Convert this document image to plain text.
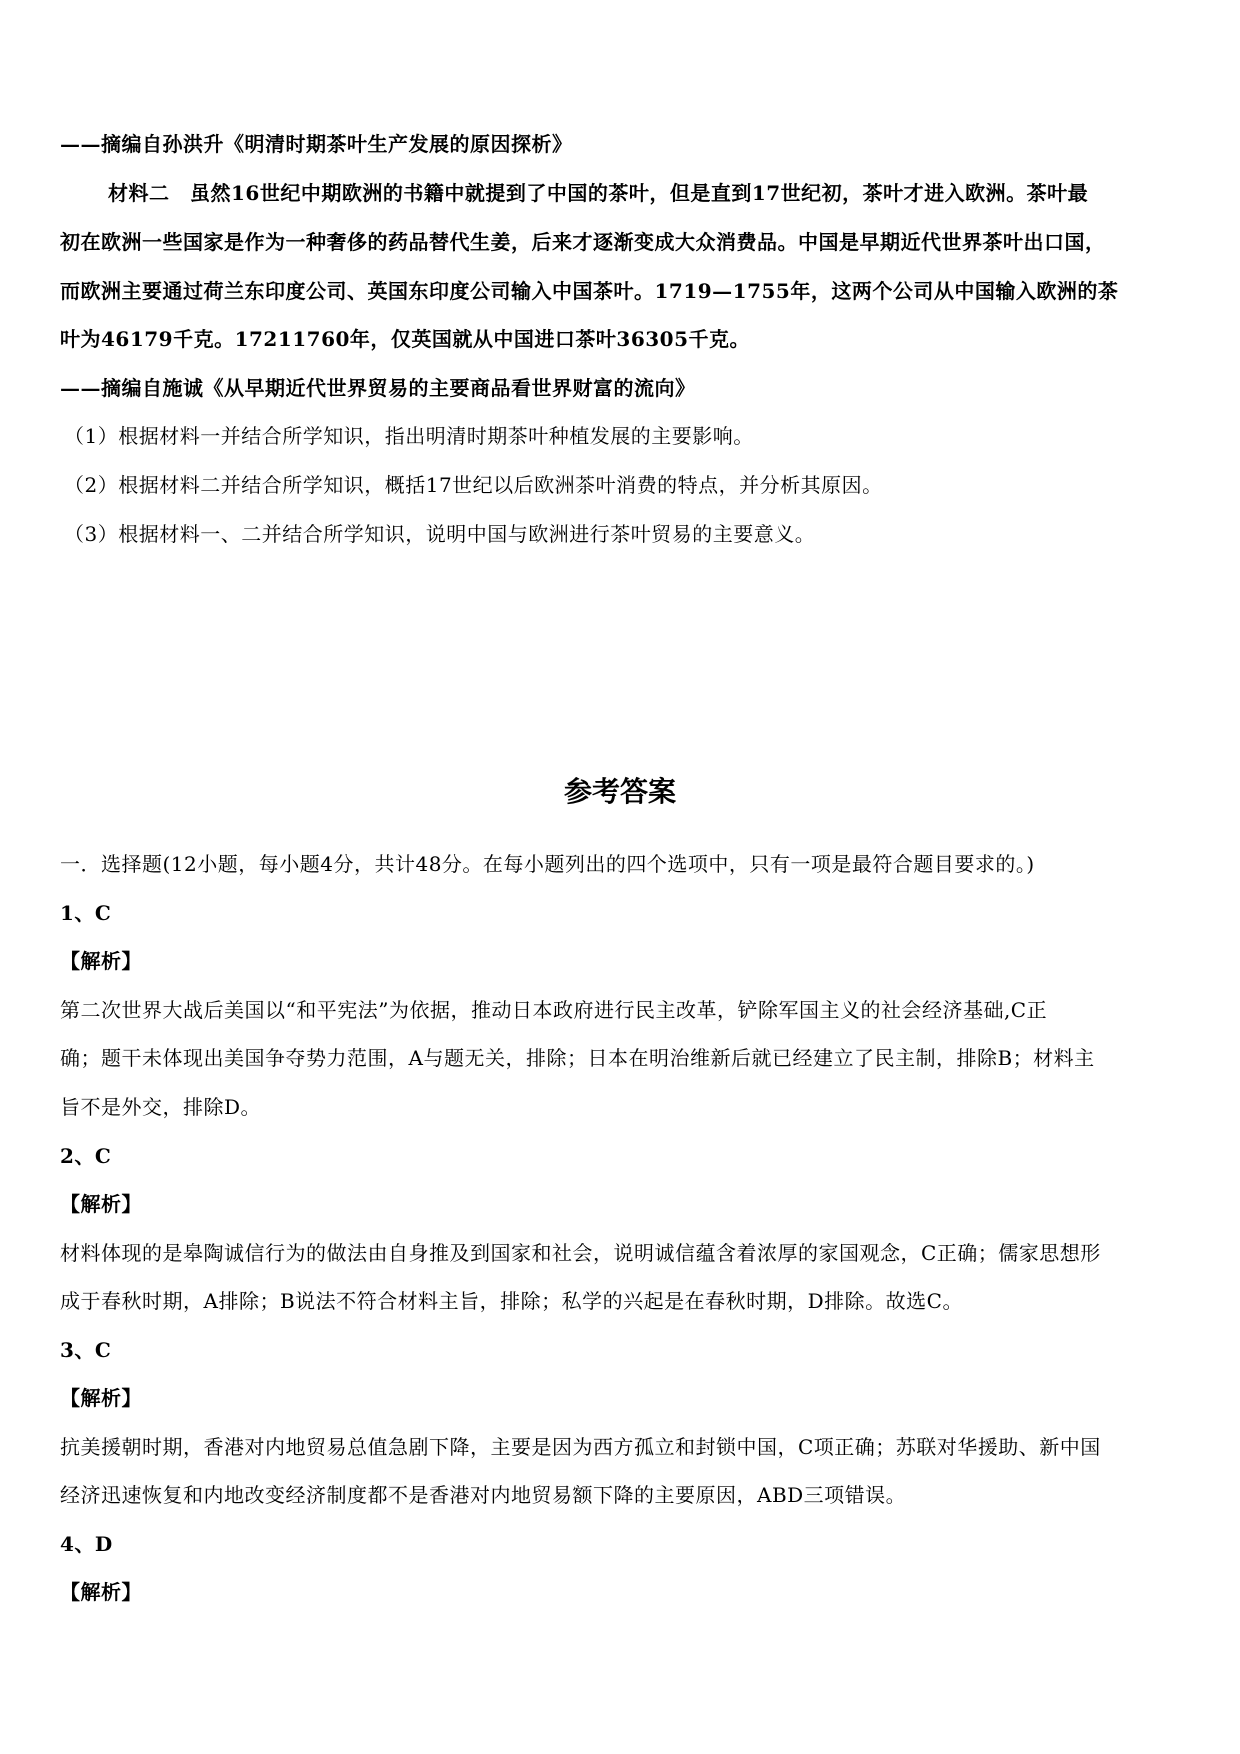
——摘编自孙洪升《明清时期茶叶生产发展的原因探析》
材料二　虽然16世纪中期欧洲的书籍中就提到了中国的茶叶，但是直到17世纪初，茶叶才进入欧洲。茶叶最
初在欧洲一些国家是作为一种奢侈的药品替代生姜，后来才逐渐变成大众消费品。中国是早期近代世界茶叶出口国，
而欧洲主要通过荷兰东印度公司、英国东印度公司输入中国茶叶。1719—1755年，这两个公司从中国输入欧洲的茶
叶为46179千克。17211760年，仅英国就从中国进口茶叶36305千克。
——摘编自施诚《从早期近代世界贸易的主要商品看世界财富的流向》
（1）根据材料一并结合所学知识，指出明清时期茶叶种植发展的主要影响。
（2）根据材料二并结合所学知识，概括17世纪以后欧洲茶叶消费的特点，并分析其原因。
（3）根据材料一、二并结合所学知识，说明中国与欧洲进行茶叶贸易的主要意义。
参考答案
一．选择题(12小题，每小题4分，共计48分。在每小题列出的四个选项中，只有一项是最符合题目要求的。)
1、C
【解析】
第二次世界大战后美国以“和平宪法”为依据，推动日本政府进行民主改革，铲除军国主义的社会经济基础,C正
确；题干未体现出美国争夺势力范围，A与题无关，排除；日本在明治维新后就已经建立了民主制，排除B；材料主
旨不是外交，排除D。
2、C
【解析】
材料体现的是皋陶诚信行为的做法由自身推及到国家和社会，说明诚信蕴含着浓厚的家国观念，C正确；儒家思想形
成于春秋时期，A排除；B说法不符合材料主旨，排除；私学的兴起是在春秋时期，D排除。故选C。
3、C
【解析】
抗美援朝时期，香港对内地贸易总值急剧下降，主要是因为西方孤立和封锁中国，C项正确；苏联对华援助、新中国
经济迅速恢复和内地改变经济制度都不是香港对内地贸易额下降的主要原因，ABD三项错误。
4、D
【解析】
